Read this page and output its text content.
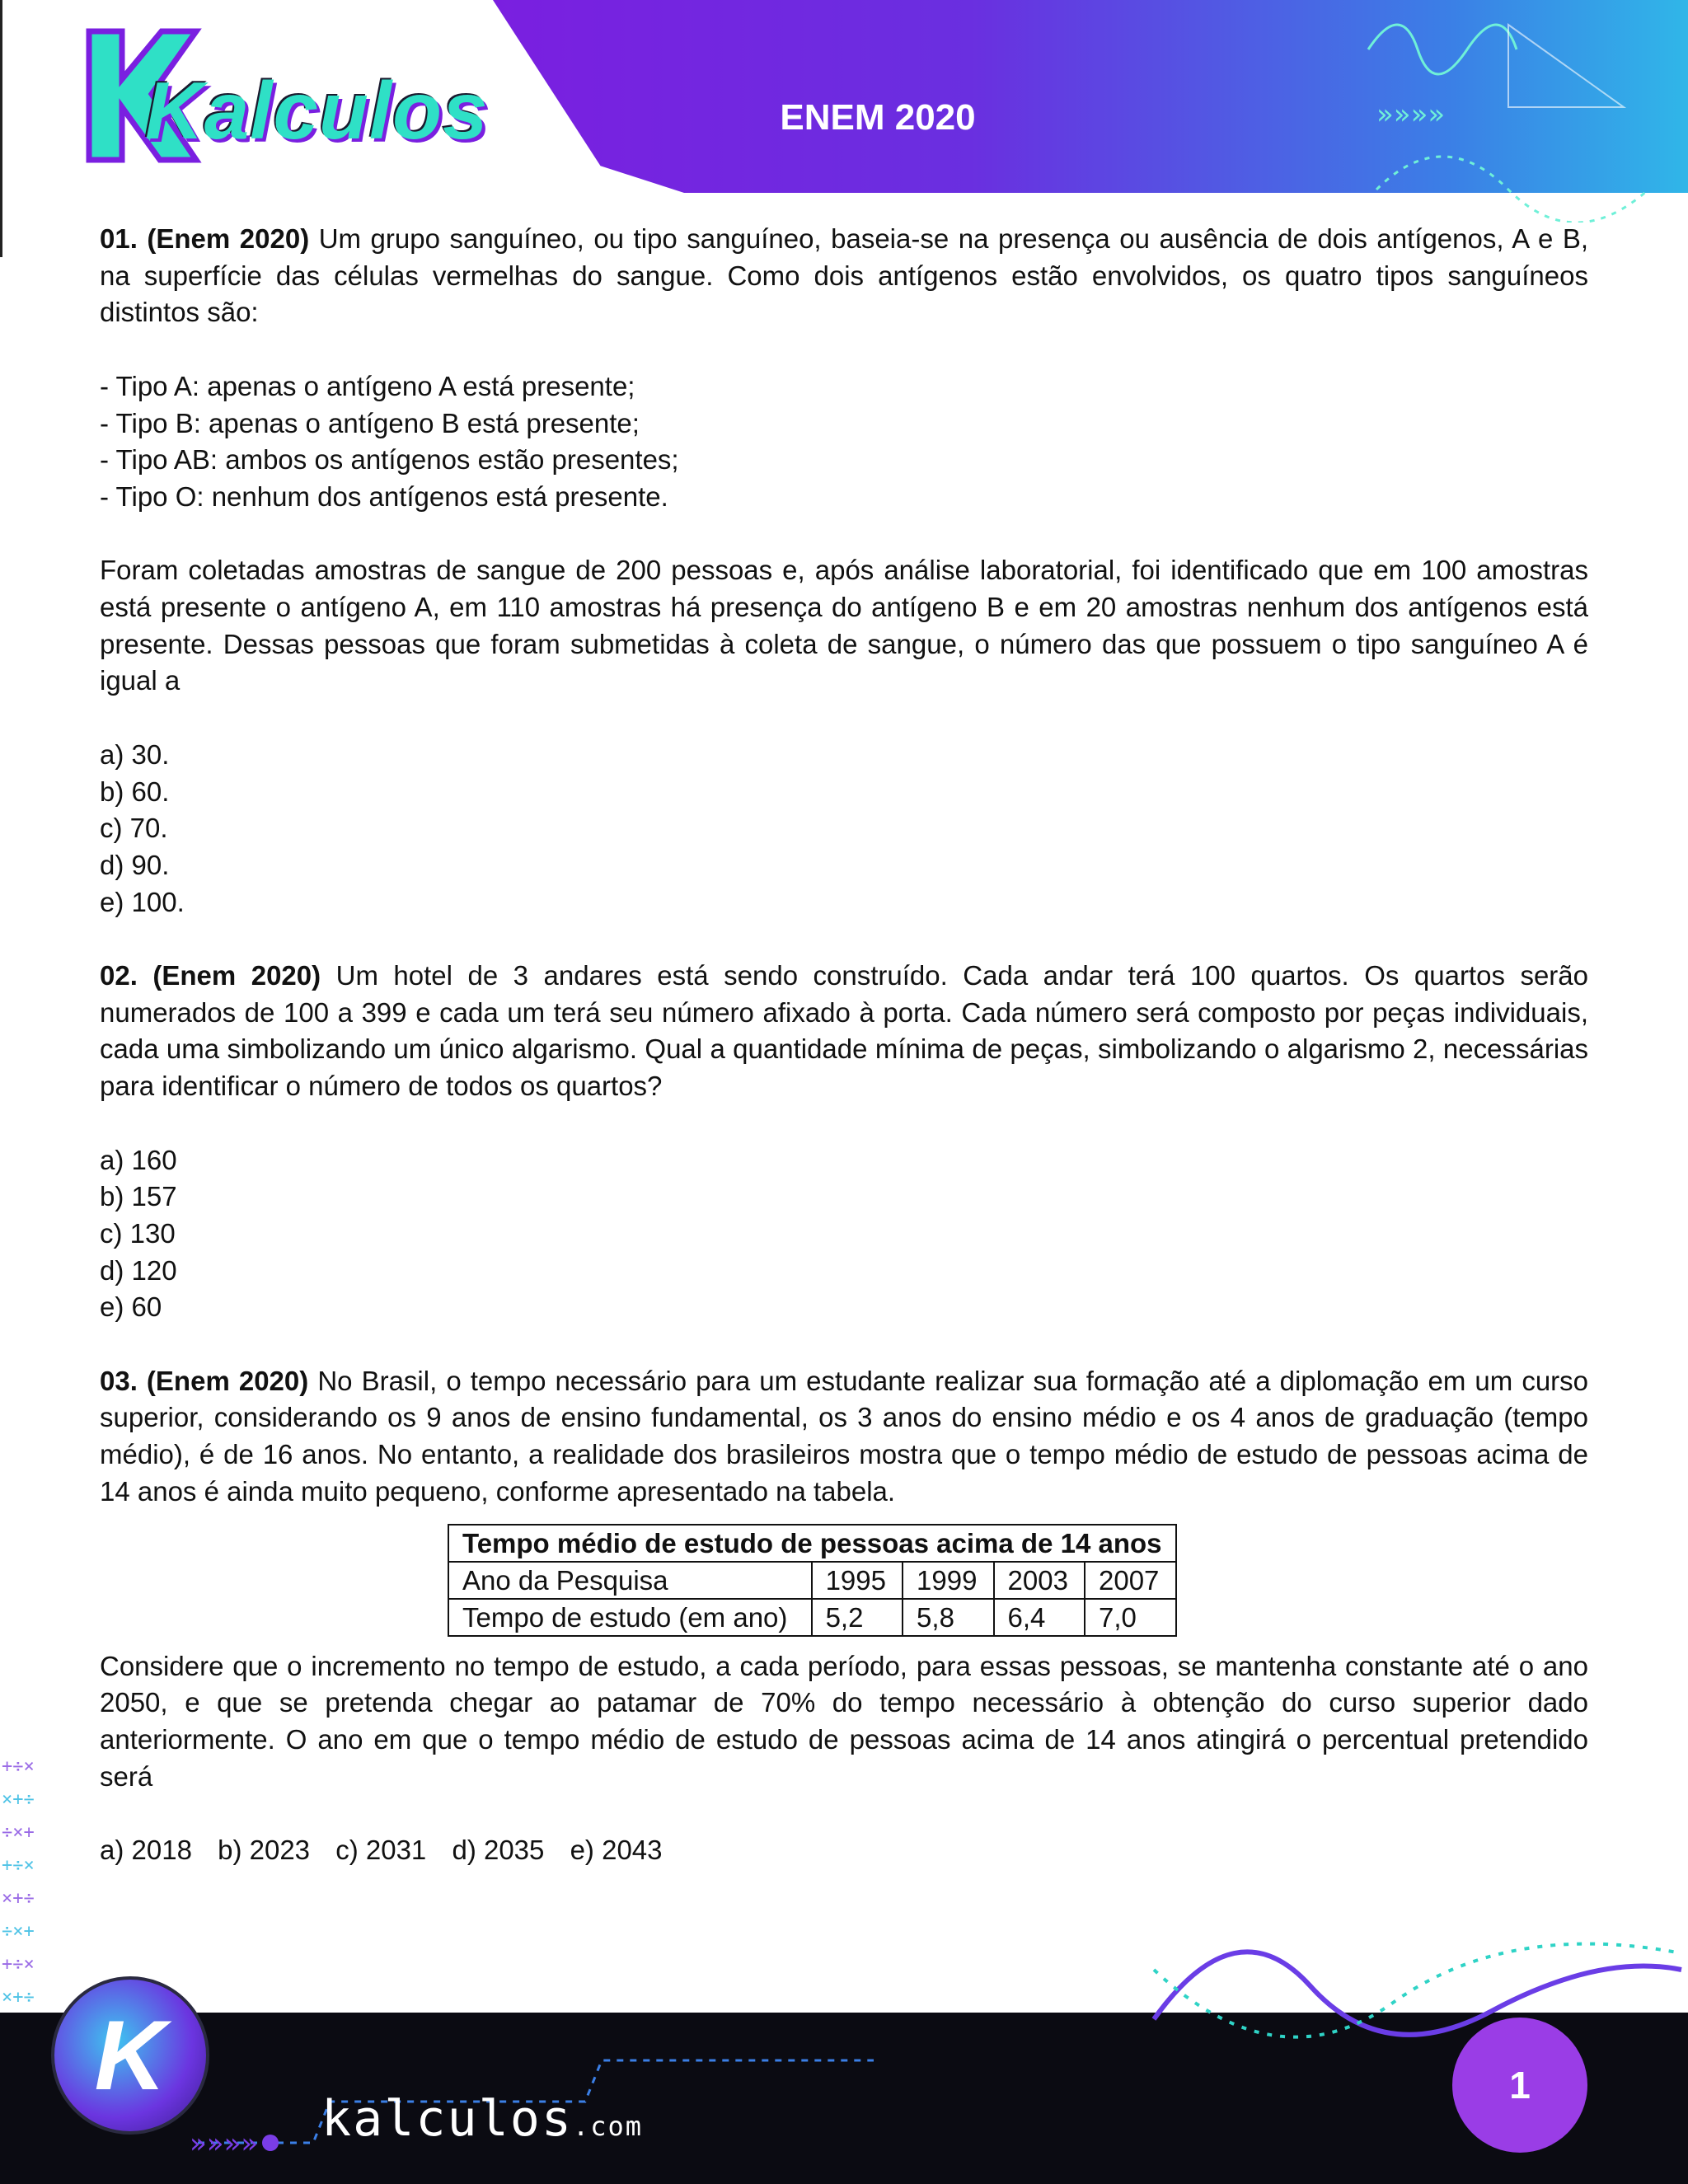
»»»»
ENEM 2020
Kalculos

01. (Enem 2020) Um grupo sanguíneo, ou tipo sanguíneo, baseia-se na presença ou ausência de dois antígenos, A e B, na superfície das células vermelhas do sangue. Como dois antígenos estão envolvidos, os quatro tipos sanguíneos distintos são:

- Tipo A: apenas o antígeno A está presente;
- Tipo B: apenas o antígeno B está presente;
- Tipo AB: ambos os antígenos estão presentes;
- Tipo O: nenhum dos antígenos está presente.

Foram coletadas amostras de sangue de 200 pessoas e, após análise laboratorial, foi identificado que em 100 amostras está presente o antígeno A, em 110 amostras há presença do antígeno B e em 20 amostras nenhum dos antígenos está presente. Dessas pessoas que foram submetidas à coleta de sangue, o número das que possuem o tipo sanguíneo A é igual a

a) 30.
b) 60.
c) 70.
d) 90.
e) 100.

02. (Enem 2020) Um hotel de 3 andares está sendo construído. Cada andar terá 100 quartos. Os quartos serão numerados de 100 a 399 e cada um terá seu número afixado à porta. Cada número será composto por peças individuais, cada uma simbolizando um único algarismo. Qual a quantidade mínima de peças, simbolizando o algarismo 2, necessárias para identificar o número de todos os quartos?

a) 160
b) 157
c) 130
d) 120
e) 60

03. (Enem 2020) No Brasil, o tempo necessário para um estudante realizar sua formação até a diplomação em um curso superior, considerando os 9 anos de ensino fundamental, os 3 anos do ensino médio e os 4 anos de graduação (tempo médio), é de 16 anos. No entanto, a realidade dos brasileiros mostra que o tempo médio de estudo de pessoas acima de 14 anos é ainda muito pequeno, conforme apresentado na tabela.

Tempo médio de estudo de pessoas acima de 14 anos				
Ano da Pesquisa	1995	1999	2003	2007
Tempo de estudo (em ano)	5,2	5,8	6,4	7,0

Considere que o incremento no tempo de estudo, a cada período, para essas pessoas, se mantenha constante até o ano 2050, e que se pretenda chegar ao patamar de 70% do tempo necessário à obtenção do curso superior dado anteriormente. O ano em que o tempo médio de estudo de pessoas acima de 14 anos atingirá o percentual pretendido será

a) 2018 b) 2023 c) 2031 d) 2035 e) 2043
+÷×
×+÷
÷×+
+÷×
×+÷
÷×+
+÷×
×+÷
»»»»
K
kalculos.com
1
